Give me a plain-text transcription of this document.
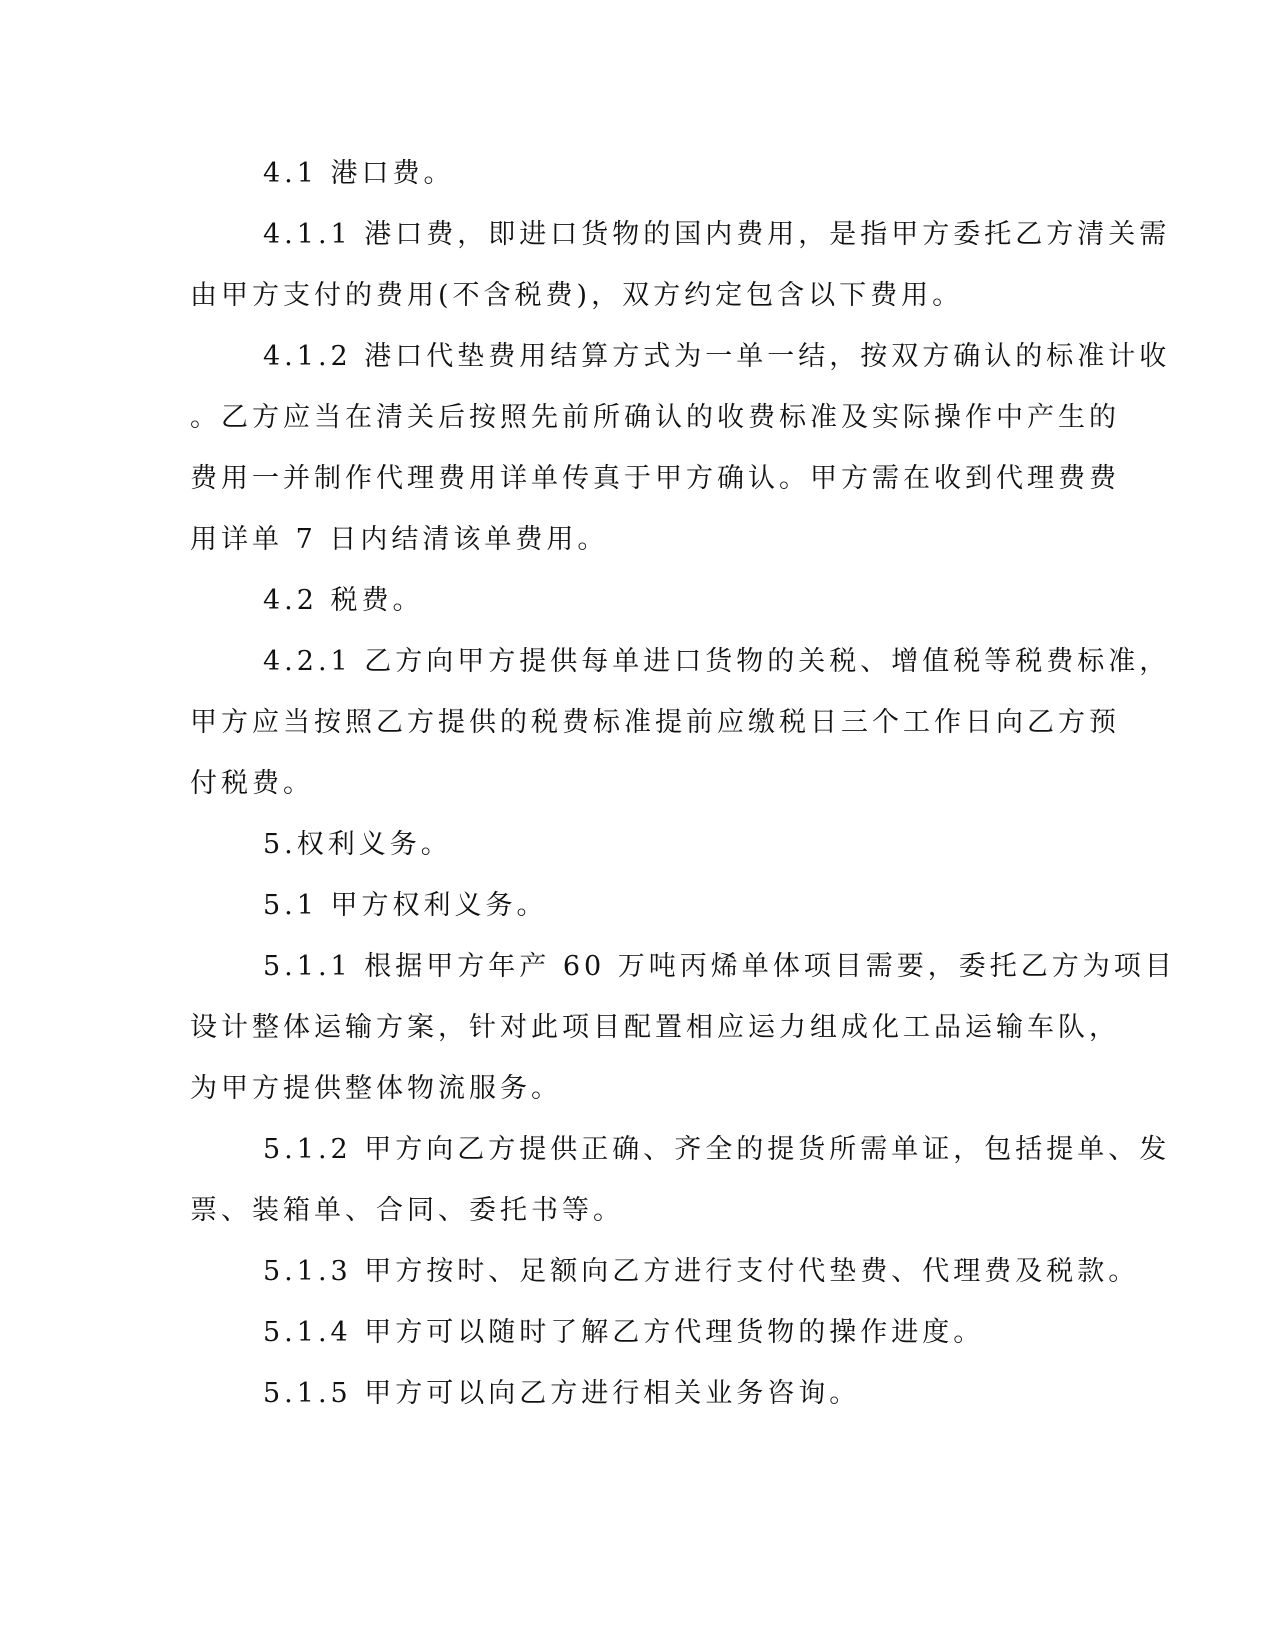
4.1 港口费。

4.1.1 港口费，即进口货物的国内费用，是指甲方委托乙方清关需

由甲方支付的费用(不含税费)，双方约定包含以下费用。

4.1.2 港口代垫费用结算方式为一单一结，按双方确认的标准计收

。乙方应当在清关后按照先前所确认的收费标准及实际操作中产生的

费用一并制作代理费用详单传真于甲方确认。甲方需在收到代理费费

用详单 7 日内结清该单费用。

4.2 税费。

4.2.1 乙方向甲方提供每单进口货物的关税、增值税等税费标准，

甲方应当按照乙方提供的税费标准提前应缴税日三个工作日向乙方预

付税费。

5.权利义务。

5.1 甲方权利义务。

5.1.1 根据甲方年产 60 万吨丙烯单体项目需要，委托乙方为项目

设计整体运输方案，针对此项目配置相应运力组成化工品运输车队，

为甲方提供整体物流服务。

5.1.2 甲方向乙方提供正确、齐全的提货所需单证，包括提单、发

票、装箱单、合同、委托书等。

5.1.3 甲方按时、足额向乙方进行支付代垫费、代理费及税款。

5.1.4 甲方可以随时了解乙方代理货物的操作进度。

5.1.5 甲方可以向乙方进行相关业务咨询。
